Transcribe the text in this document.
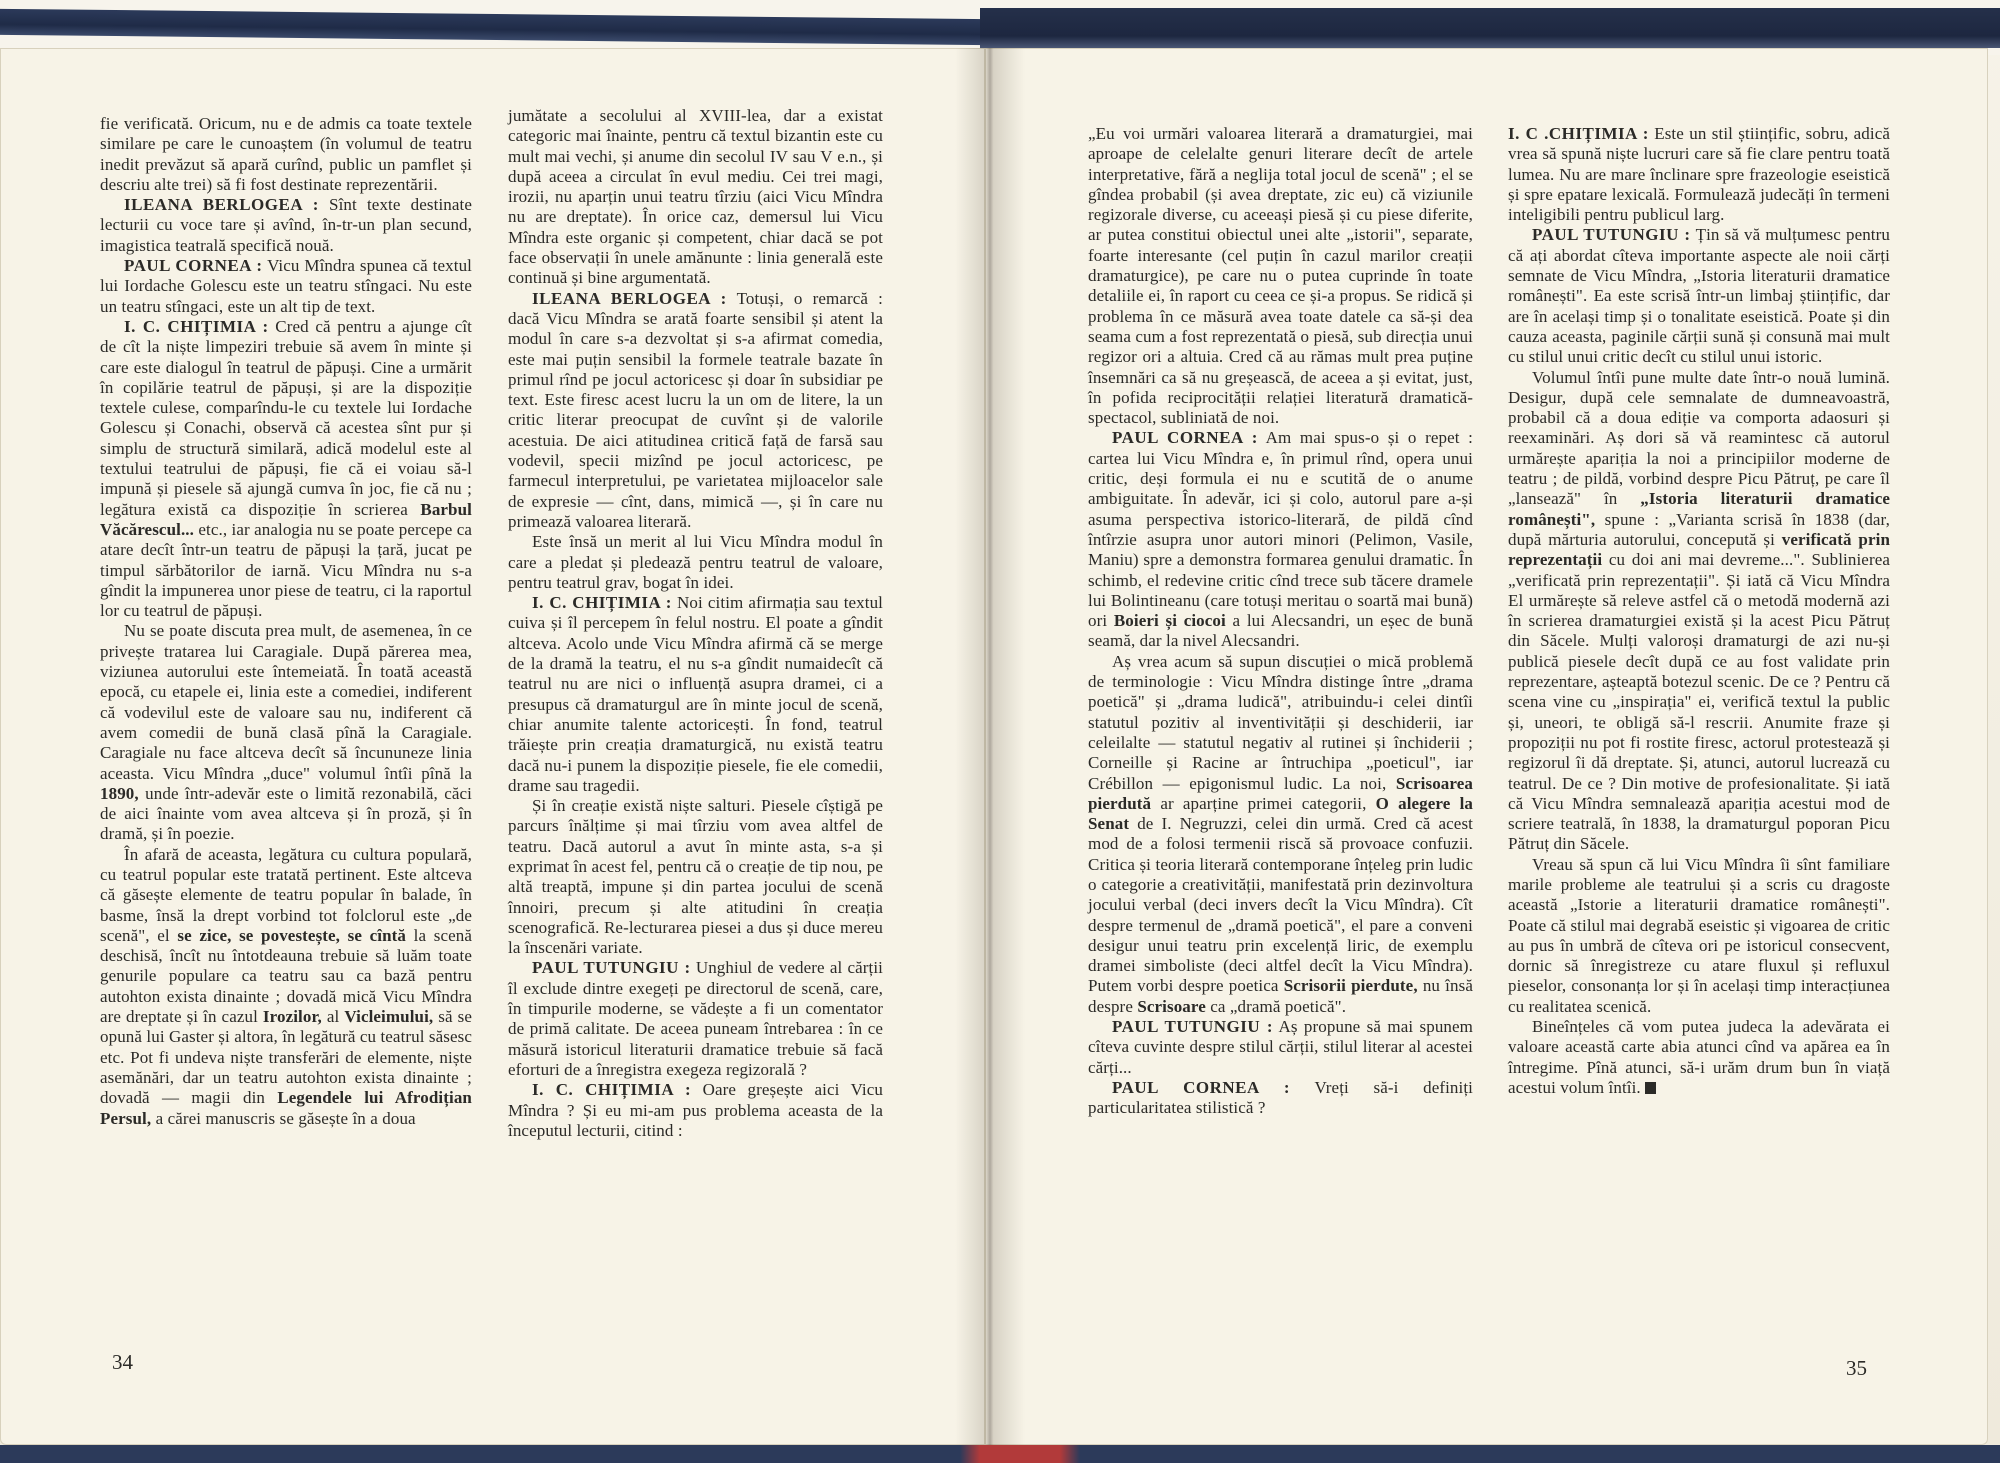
fie verificată. Oricum, nu e de admis ca toate textele similare pe care le cunoaștem (în volumul de teatru inedit prevăzut să apară curînd, public un pamflet și descriu alte trei) să fi fost destinate reprezentării.

ILEANA BERLOGEA : Sînt texte destinate lecturii cu voce tare și avînd, în-tr-un plan secund, imagistica teatrală specifică nouă.

PAUL CORNEA : Vicu Mîndra spunea că textul lui Iordache Golescu este un teatru stîngaci. Nu este un teatru stîngaci, este un alt tip de text.

I. C. CHIȚIMIA : Cred că pentru a ajunge cît de cît la niște limpeziri trebuie să avem în minte și care este dialogul în teatrul de păpuși. Cine a urmărit în copilărie teatrul de păpuși, și are la dispoziție textele culese, comparîndu-le cu textele lui Iordache Golescu și Conachi, observă că acestea sînt pur și simplu de structură similară, adică modelul este al textului teatrului de păpuși, fie că ei voiau să-l impună și piesele să ajungă cumva în joc, fie că nu ; legătura există ca dispoziție în scrierea Barbul Văcărescul... etc., iar analogia nu se poate percepe ca atare decît într-un teatru de păpuși la țară, jucat pe timpul sărbătorilor de iarnă. Vicu Mîndra nu s-a gîndit la impunerea unor piese de teatru, ci la raportul lor cu teatrul de păpuși.

Nu se poate discuta prea mult, de asemenea, în ce privește tratarea lui Caragiale. După părerea mea, viziunea autorului este întemeiată. În toată această epocă, cu etapele ei, linia este a comediei, indiferent că vodevilul este de valoare sau nu, indiferent că avem comedii de bună clasă pînă la Caragiale. Caragiale nu face altceva decît să încununeze linia aceasta. Vicu Mîndra „duce" volumul întîi pînă la 1890, unde într-adevăr este o limită rezonabilă, căci de aici înainte vom avea altceva și în proză, și în dramă, și în poezie.

În afară de aceasta, legătura cu cultura populară, cu teatrul popular este tratată pertinent. Este altceva că găsește elemente de teatru popular în balade, în basme, însă la drept vorbind tot folclorul este „de scenă", el se zice, se povestește, se cîntă la scenă deschisă, încît nu întotdeauna trebuie să luăm toate genurile populare ca teatru sau ca bază pentru autohton exista dinainte ; dovadă mică Vicu Mîndra are dreptate și în cazul Irozilor, al Vicleimului, să se opună lui Gaster și altora, în legătură cu teatrul săsesc etc. Pot fi undeva niște transferări de elemente, niște asemănări, dar un teatru autohton exista dinainte ; dovadă — magii din Legendele lui Afrodițian Persul, a cărei manuscris se găsește în a doua

jumătate a secolului al XVIII-lea, dar a existat categoric mai înainte, pentru că textul bizantin este cu mult mai vechi, și anume din secolul IV sau V e.n., și după aceea a circulat în evul mediu. Cei trei magi, irozii, nu aparțin unui teatru tîrziu (aici Vicu Mîndra nu are dreptate). În orice caz, demersul lui Vicu Mîndra este organic și competent, chiar dacă se pot face observații în unele amănunte : linia generală este continuă și bine argumentată.

ILEANA BERLOGEA : Totuși, o remarcă : dacă Vicu Mîndra se arată foarte sensibil și atent la modul în care s-a dezvoltat și s-a afirmat comedia, este mai puțin sensibil la formele teatrale bazate în primul rînd pe jocul actoricesc și doar în subsidiar pe text. Este firesc acest lucru la un om de litere, la un critic literar preocupat de cuvînt și de valorile acestuia. De aici atitudinea critică față de farsă sau vodevil, specii mizînd pe jocul actoricesc, pe farmecul interpretului, pe varietatea mijloacelor sale de expresie — cînt, dans, mimică —, și în care nu primează valoarea literară.

Este însă un merit al lui Vicu Mîndra modul în care a pledat și pledează pentru teatrul de valoare, pentru teatrul grav, bogat în idei.

I. C. CHIȚIMIA : Noi citim afirmația sau textul cuiva și îl percepem în felul nostru. El poate a gîndit altceva. Acolo unde Vicu Mîndra afirmă că se merge de la dramă la teatru, el nu s-a gîndit numaidecît că teatrul nu are nici o influență asupra dramei, ci a presupus că dramaturgul are în minte jocul de scenă, chiar anumite talente actoricești. În fond, teatrul trăiește prin creația dramaturgică, nu există teatru dacă nu-i punem la dispoziție piesele, fie ele comedii, drame sau tragedii.

Și în creație există niște salturi. Piesele cîștigă pe parcurs înălțime și mai tîrziu vom avea altfel de teatru. Dacă autorul a avut în minte asta, s-a și exprimat în acest fel, pentru că o creație de tip nou, pe altă treaptă, impune și din partea jocului de scenă înnoiri, precum și alte atitudini în creația scenografică. Re-lecturarea piesei a dus și duce mereu la înscenări variate.

PAUL TUTUNGIU : Unghiul de vedere al cărții îl exclude dintre exegeți pe directorul de scenă, care, în timpurile moderne, se vădește a fi un comentator de primă calitate. De aceea puneam întrebarea : în ce măsură istoricul literaturii dramatice trebuie să facă eforturi de a înregistra exegeza regizorală ?

I. C. CHIȚIMIA : Oare greșește aici Vicu Mîndra ? Și eu mi-am pus problema aceasta de la începutul lecturii, citind :

„Eu voi urmări valoarea literară a dramaturgiei, mai aproape de celelalte genuri literare decît de artele interpretative, fără a neglija total jocul de scenă" ; el se gîndea probabil (și avea dreptate, zic eu) că viziunile regizorale diverse, cu aceeași piesă și cu piese diferite, ar putea constitui obiectul unei alte „istorii", separate, foarte interesante (cel puțin în cazul marilor creații dramaturgice), pe care nu o putea cuprinde în toate detaliile ei, în raport cu ceea ce și-a propus. Se ridică și problema în ce măsură avea toate datele ca să-și dea seama cum a fost reprezentată o piesă, sub direcția unui regizor ori a altuia. Cred că au rămas mult prea puține însemnări ca să nu greșească, de aceea a și evitat, just, în pofida reciprocității relației literatură dramatică-spectacol, subliniată de noi.

PAUL CORNEA : Am mai spus-o și o repet : cartea lui Vicu Mîndra e, în primul rînd, opera unui critic, deși formula ei nu e scutită de o anume ambiguitate. În adevăr, ici și colo, autorul pare a-și asuma perspectiva istorico-literară, de pildă cînd întîrzie asupra unor autori minori (Pelimon, Vasile, Maniu) spre a demonstra formarea genului dramatic. În schimb, el redevine critic cînd trece sub tăcere dramele lui Bolintineanu (care totuși meritau o soartă mai bună) ori Boieri și ciocoi a lui Alecsandri, un eșec de bună seamă, dar la nivel Alecsandri.

Aș vrea acum să supun discuției o mică problemă de terminologie : Vicu Mîndra distinge între „drama poetică" și „drama ludică", atribuindu-i celei dintîi statutul pozitiv al inventivității și deschiderii, iar celeilalte — statutul negativ al rutinei și închiderii ; Corneille și Racine ar întruchipa „poeticul", iar Crébillon — epigonismul ludic. La noi, Scrisoarea pierdută ar aparține primei categorii, O alegere la Senat de I. Negruzzi, celei din urmă. Cred că acest mod de a folosi termenii riscă să provoace confuzii. Critica și teoria literară contemporane înțeleg prin ludic o categorie a creativității, manifestată prin dezinvoltura jocului verbal (deci invers decît la Vicu Mîndra). Cît despre termenul de „dramă poetică", el pare a conveni desigur unui teatru prin excelență liric, de exemplu dramei simboliste (deci altfel decît la Vicu Mîndra). Putem vorbi despre poetica Scrisorii pierdute, nu însă despre Scrisoare ca „dramă poetică".

PAUL TUTUNGIU : Aș propune să mai spunem cîteva cuvinte despre stilul cărții, stilul literar al acestei cărți...

PAUL CORNEA : Vreți să-i definiți particularitatea stilistică ?

I. C .CHIȚIMIA : Este un stil științific, sobru, adică vrea să spună niște lucruri care să fie clare pentru toată lumea. Nu are mare înclinare spre frazeologie eseistică și spre epatare lexicală. Formulează judecăți în termeni inteligibili pentru publicul larg.

PAUL TUTUNGIU : Țin să vă mulțumesc pentru că ați abordat cîteva importante aspecte ale noii cărți semnate de Vicu Mîndra, „Istoria literaturii dramatice românești". Ea este scrisă într-un limbaj științific, dar are în același timp și o tonalitate eseistică. Poate și din cauza aceasta, paginile cărții sună și consună mai mult cu stilul unui critic decît cu stilul unui istoric.

Volumul întîi pune multe date într-o nouă lumină. Desigur, după cele semnalate de dumneavoastră, probabil că a doua ediție va comporta adaosuri și reexaminări. Aș dori să vă reamintesc că autorul urmărește apariția la noi a principiilor moderne de teatru ; de pildă, vorbind despre Picu Pătruț, pe care îl „lansează" în „Istoria literaturii dramatice românești", spune : „Varianta scrisă în 1838 (dar, după mărturia autorului, concepută și verificată prin reprezentații cu doi ani mai devreme...". Sublinierea „verificată prin reprezentații". Și iată că Vicu Mîndra El urmărește să releve astfel că o metodă modernă azi în scrierea dramaturgiei există și la acest Picu Pătruț din Săcele. Mulți valoroși dramaturgi de azi nu-și publică piesele decît după ce au fost validate prin reprezentare, așteaptă botezul scenic. De ce ? Pentru că scena vine cu „inspirația" ei, verifică textul la public și, uneori, te obligă să-l rescrii. Anumite fraze și propoziții nu pot fi rostite firesc, actorul protestează și regizorul îi dă dreptate. Și, atunci, autorul lucrează cu teatrul. De ce ? Din motive de profesionalitate. Și iată că Vicu Mîndra semnalează apariția acestui mod de scriere teatrală, în 1838, la dramaturgul poporan Picu Pătruț din Săcele.

Vreau să spun că lui Vicu Mîndra îi sînt familiare marile probleme ale teatrului și a scris cu dragoste această „Istorie a literaturii dramatice românești". Poate că stilul mai degrabă eseistic și vigoarea de critic au pus în umbră de cîteva ori pe istoricul consecvent, dornic să înregistreze cu atare fluxul și refluxul pieselor, consonanța lor și în același timp interacțiunea cu realitatea scenică.

Bineînțeles că vom putea judeca la adevărata ei valoare această carte abia atunci cînd va apărea ea în întregime. Pînă atunci, să-i urăm drum bun în viață acestui volum întîi.

34	35
